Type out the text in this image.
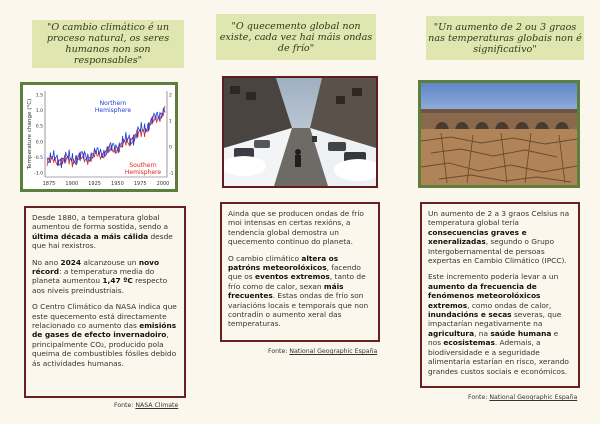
"O cambio climático é un proceso natural, os seres humanos non son responsables"
Temperature change (°C)
1875 1900 1925 1950 1975 2000
1.5
1.0
0.5
0.0
-0.5
-1.0
2
1
0
-1
Northern
Southern
Hemisphere
Hemisphere

Desde 1880, a temperatura global aumentou de forma sostida, sendo a última década a máis cálida desde que hai rexistros.

No ano 2024 alcanzouse un novo récord: a temperatura media do planeta aumentou 1,47 ºC respecto aos niveis preindustriais.

O Centro Climático da NASA indica que este quecemento está directamente relacionado co aumento das emisións de gases de efecto invernadoiro, principalmente CO₂, producido pola queima de combustibles fósiles debido ás actividades humanas.

Fonte: NASA Climate
"O quecemento global non existe, cada vez hai máis ondas de frío"

Ainda que se producen ondas de frío moi intensas en certas rexións, a tendencia global demostra un quecemento continuo do planeta.

O cambio climático altera os patróns meteorolóxicos, facendo que os eventos extremos, tanto de frío como de calor, sexan máis frecuentes. Estas ondas de frío son variacións locais e temporais que non contradín o aumento xeral das temperaturas.

Fonte: National Geographic España
"Un aumento de 2 ou 3 graos nas temperaturas globais non é significativo"

Un aumento de 2 a 3 graos Celsius na temperatura global tería consecuencias graves e xeneralizadas, segundo o Grupo Intergobernamental de persoas expertas en Cambio Climático (IPCC).

Este incremento podería levar a un aumento da frecuencia de fenómenos meteorolóxicos extremos, como ondas de calor, inundacións e secas severas, que impactarían negativamente na agricultura, na saúde humana e nos ecosistemas. Ademais, a biodiversidade e a seguridade alimentaria estarían en risco, xerando grandes custos sociais e económicos.

Fonte: National Geographic España
